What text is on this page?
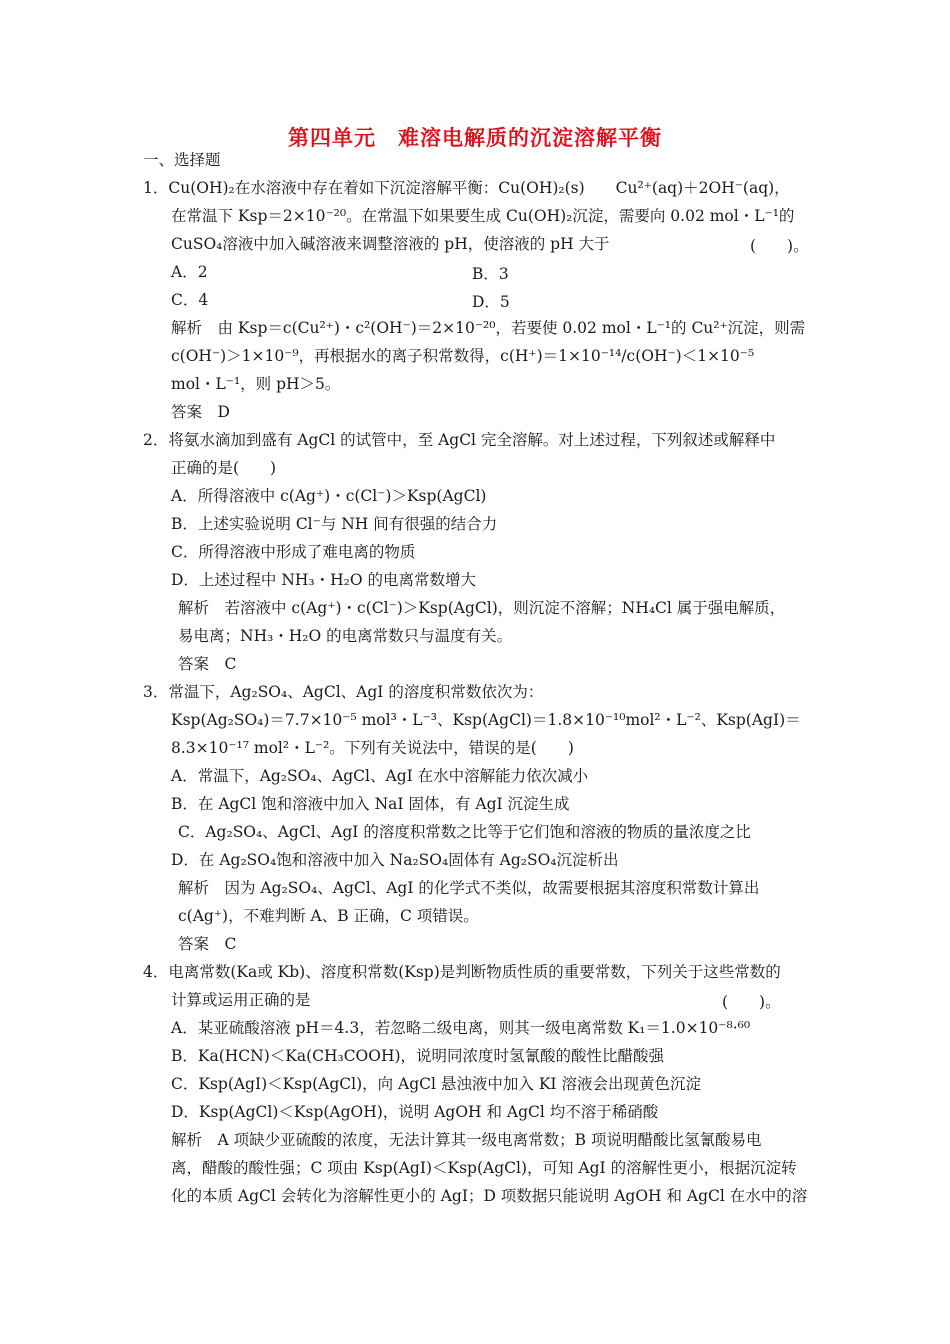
第四单元　难溶电解质的沉淀溶解平衡
一、选择题
1．Cu(OH)₂在水溶液中存在着如下沉淀溶解平衡：Cu(OH)₂(s)　　Cu²⁺(aq)＋2OH⁻(aq)，
在常温下 Ksp＝2×10⁻²⁰。在常温下如果要生成 Cu(OH)₂沉淀，需要向 0.02 mol・L⁻¹的
CuSO₄溶液中加入碱溶液来调整溶液的 pH，使溶液的 pH 大于
A．2
C．4
解析　由 Ksp＝c(Cu²⁺)・c²(OH⁻)＝2×10⁻²⁰，若要使 0.02 mol・L⁻¹的 Cu²⁺沉淀，则需
c(OH⁻)＞1×10⁻⁹，再根据水的离子积常数得，c(H⁺)＝1×10⁻¹⁴/c(OH⁻)＜1×10⁻⁵
mol・L⁻¹，则 pH＞5。
答案　D
2．将氨水滴加到盛有 AgCl 的试管中，至 AgCl 完全溶解。对上述过程，下列叙述或解释中
正确的是(　　)
A．所得溶液中 c(Ag⁺)・c(Cl⁻)＞Ksp(AgCl)
B．上述实验说明 Cl⁻与 NH 间有很强的结合力
C．所得溶液中形成了难电离的物质
D．上述过程中 NH₃・H₂O 的电离常数增大
解析　若溶液中 c(Ag⁺)・c(Cl⁻)＞Ksp(AgCl)，则沉淀不溶解；NH₄Cl 属于强电解质，
易电离；NH₃・H₂O 的电离常数只与温度有关。
答案　C
3．常温下，Ag₂SO₄、AgCl、AgI 的溶度积常数依次为：
Ksp(Ag₂SO₄)＝7.7×10⁻⁵ mol³・L⁻³、Ksp(AgCl)＝1.8×10⁻¹⁰mol²・L⁻²、Ksp(AgI)＝
8.3×10⁻¹⁷ mol²・L⁻²。下列有关说法中，错误的是(　　)
A．常温下，Ag₂SO₄、AgCl、AgI 在水中溶解能力依次减小
B．在 AgCl 饱和溶液中加入 NaI 固体，有 AgI 沉淀生成
C．Ag₂SO₄、AgCl、AgI 的溶度积常数之比等于它们饱和溶液的物质的量浓度之比
D．在 Ag₂SO₄饱和溶液中加入 Na₂SO₄固体有 Ag₂SO₄沉淀析出
解析　因为 Ag₂SO₄、AgCl、AgI 的化学式不类似，故需要根据其溶度积常数计算出
c(Ag⁺)，不难判断 A、B 正确，C 项错误。
答案　C
4．电离常数(Ka或 Kb)、溶度积常数(Ksp)是判断物质性质的重要常数，下列关于这些常数的
计算或运用正确的是
A．某亚硫酸溶液 pH＝4.3，若忽略二级电离，则其一级电离常数 K₁＝1.0×10⁻⁸·⁶⁰
B．Ka(HCN)＜Ka(CH₃COOH)，说明同浓度时氢氰酸的酸性比醋酸强
C．Ksp(AgI)＜Ksp(AgCl)，向 AgCl 悬浊液中加入 KI 溶液会出现黄色沉淀
D．Ksp(AgCl)＜Ksp(AgOH)，说明 AgOH 和 AgCl 均不溶于稀硝酸
解析　A 项缺少亚硫酸的浓度，无法计算其一级电离常数；B 项说明醋酸比氢氰酸易电
离，醋酸的酸性强；C 项由 Ksp(AgI)＜Ksp(AgCl)，可知 AgI 的溶解性更小，根据沉淀转
化的本质 AgCl 会转化为溶解性更小的 AgI；D 项数据只能说明 AgOH 和 AgCl 在水中的溶
(　　)。
B．3
D．5
(　　)。
